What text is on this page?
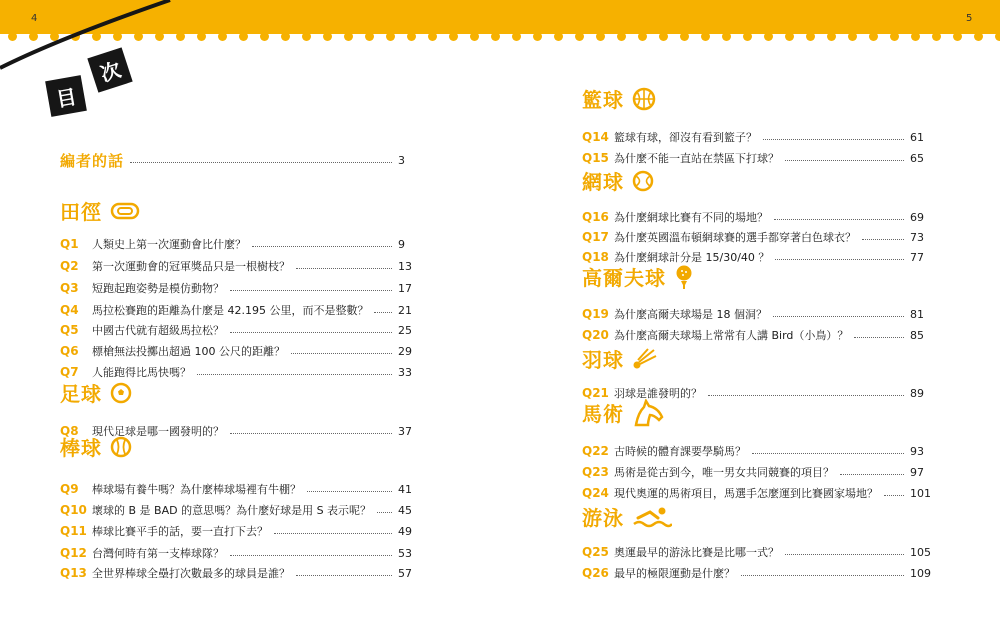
4	5
目
次
編者的話	3
田徑
足球
棒球
籃球
網球
高爾夫球
羽球
馬術
游泳
Q1	人類史上第一次運動會比什麼？	9
Q2	第一次運動會的冠軍獎品只是一根樹枝？	13
Q3	短跑起跑姿勢是模仿動物？	17
Q4	馬拉松賽跑的距離為什麼是 42.195 公里，而不是整數？	21
Q5	中國古代就有超級馬拉松？	25
Q6	標槍無法投擲出超過 100 公尺的距離？	29
Q7	人能跑得比馬快嗎？	33
Q8	現代足球是哪一國發明的？	37
Q9	棒球場有養牛嗎？為什麼棒球場裡有牛棚？	41
Q10 壞球的 B 是 BAD 的意思嗎？為什麼好球是用 S 表示呢？ 45
Q11 棒球比賽平手的話，要一直打下去？	49
Q12 台灣何時有第一支棒球隊？	53
Q13 全世界棒球全壘打次數最多的球員是誰？	57
Q14 籃球有球，卻沒有看到籃子？	61
Q15 為什麼不能一直站在禁區下打球？	65
Q16 為什麼網球比賽有不同的場地？	69
Q17 為什麼英國溫布頓網球賽的選手都穿著白色球衣？	73
Q18 為什麼網球計分是 15/30/40 ？	77
Q19 為什麼高爾夫球場是 18 個洞？	81
Q20 為什麼高爾夫球場上常常有人講 Bird（小鳥）？	85
Q21 羽球是誰發明的？	89
Q22 古時候的體育課要學騎馬？	93
Q23 馬術是從古到今，唯一男女共同競賽的項目？	97
Q24 現代奧運的馬術項目，馬選手怎麼運到比賽國家場地？	101
Q25 奧運最早的游泳比賽是比哪一式？	105
Q26 最早的極限運動是什麼？	109
